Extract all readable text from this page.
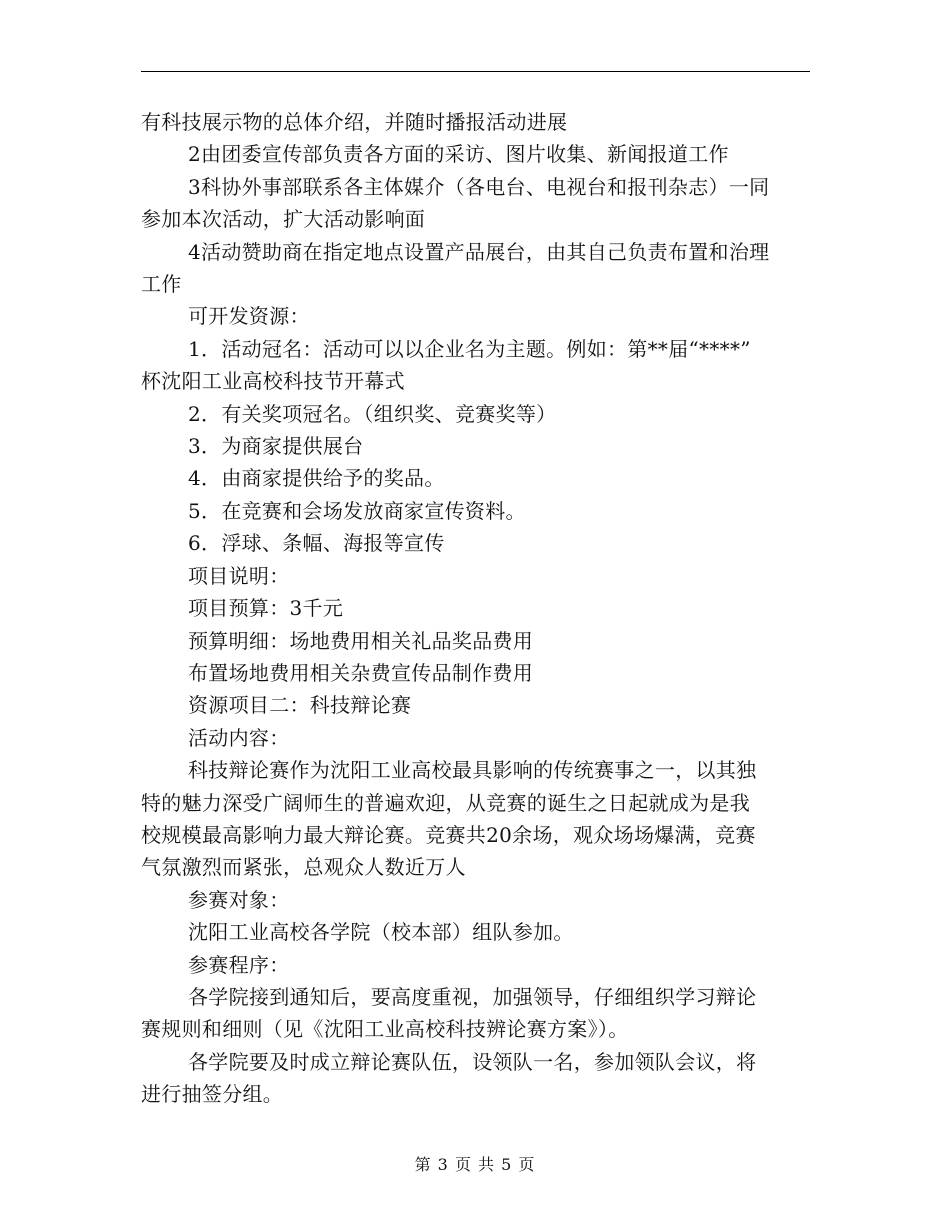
有科技展示物的总体介绍，并随时播报活动进展

2由团委宣传部负责各方面的采访、图片收集、新闻报道工作

3科协外事部联系各主体媒介（各电台、电视台和报刊杂志）一同

参加本次活动，扩大活动影响面

4活动赞助商在指定地点设置产品展台，由其自己负责布置和治理

工作

可开发资源：

1．活动冠名：活动可以以企业名为主题。例如：第**届“****”

杯沈阳工业高校科技节开幕式

2．有关奖项冠名。（组织奖、竞赛奖等）

3．为商家提供展台

4．由商家提供给予的奖品。

5．在竞赛和会场发放商家宣传资料。

6．浮球、条幅、海报等宣传

项目说明：

项目预算：3千元

预算明细：场地费用相关礼品奖品费用

布置场地费用相关杂费宣传品制作费用

资源项目二：科技辩论赛

活动内容：

科技辩论赛作为沈阳工业高校最具影响的传统赛事之一，以其独

特的魅力深受广阔师生的普遍欢迎，从竞赛的诞生之日起就成为是我

校规模最高影响力最大辩论赛。竞赛共20余场，观众场场爆满，竞赛

气氛激烈而紧张，总观众人数近万人

参赛对象：

沈阳工业高校各学院（校本部）组队参加。

参赛程序：

各学院接到通知后，要高度重视，加强领导，仔细组织学习辩论

赛规则和细则（见《沈阳工业高校科技辨论赛方案》）。

各学院要及时成立辩论赛队伍，设领队一名，参加领队会议，将

进行抽签分组。

第 3 页 共 5 页
